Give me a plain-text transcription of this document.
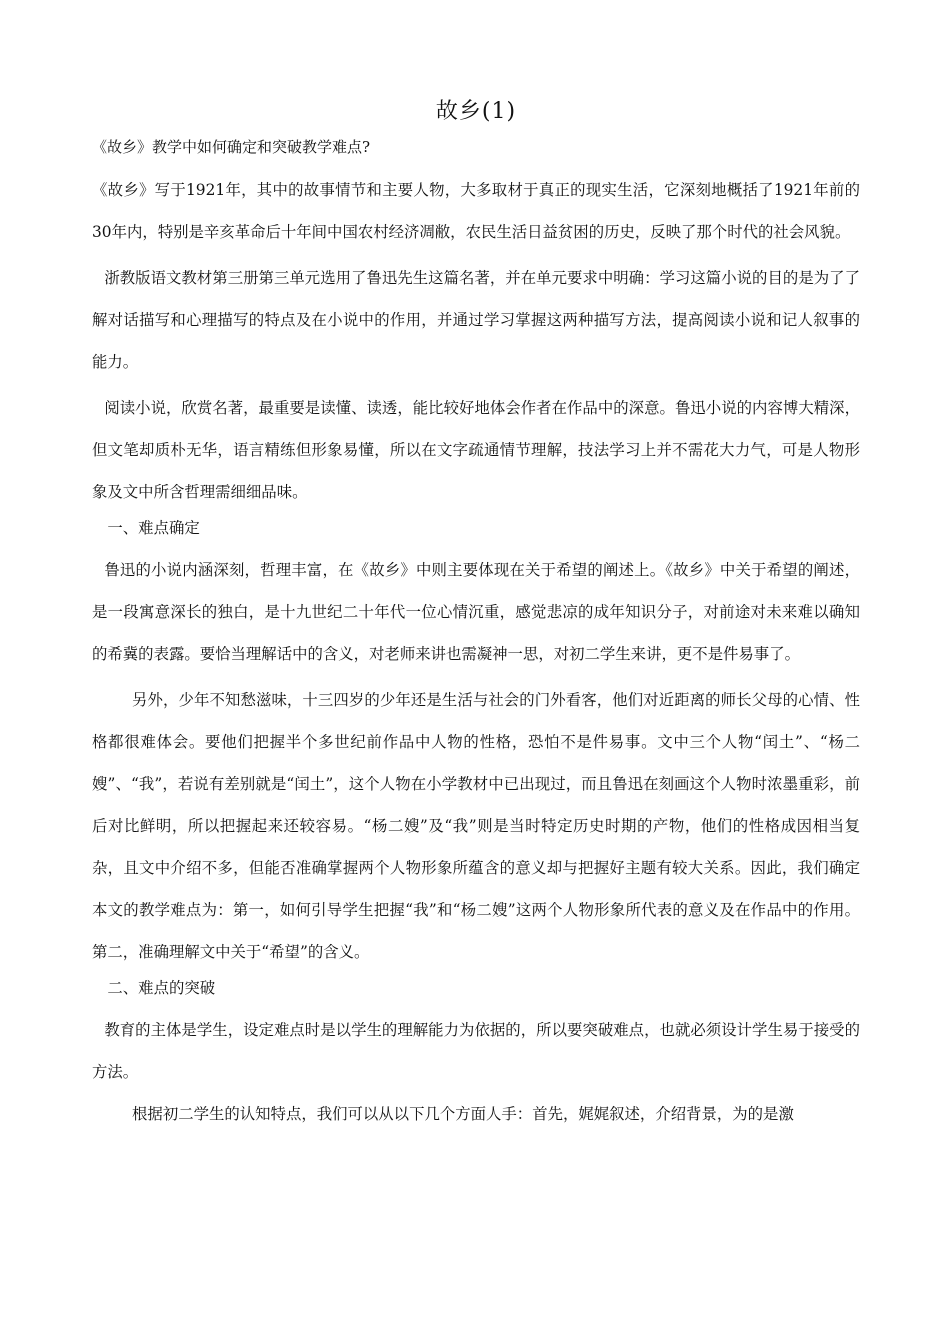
故乡(1)

《故乡》教学中如何确定和突破教学难点?

《故乡》写于1921年，其中的故事情节和主要人物，大多取材于真正的现实生活，它深刻地概括了1921年前的30年内，特别是辛亥革命后十年间中国农村经济凋敝，农民生活日益贫困的历史，反映了那个时代的社会风貌。

浙教版语文教材第三册第三单元选用了鲁迅先生这篇名著，并在单元要求中明确：学习这篇小说的目的是为了了解对话描写和心理描写的特点及在小说中的作用，并通过学习掌握这两种描写方法，提高阅读小说和记人叙事的能力。

阅读小说，欣赏名著，最重要是读懂、读透，能比较好地体会作者在作品中的深意。鲁迅小说的内容博大精深，但文笔却质朴无华，语言精练但形象易懂，所以在文字疏通情节理解，技法学习上并不需花大力气，可是人物形象及文中所含哲理需细细品味。

一、难点确定

鲁迅的小说内涵深刻，哲理丰富，在《故乡》中则主要体现在关于希望的阐述上。《故乡》中关于希望的阐述，是一段寓意深长的独白，是十九世纪二十年代一位心情沉重，感觉悲凉的成年知识分子，对前途对未来难以确知的希冀的表露。要恰当理解话中的含义，对老师来讲也需凝神一思，对初二学生来讲，更不是件易事了。

另外，少年不知愁滋味，十三四岁的少年还是生活与社会的门外看客，他们对近距离的师长父母的心情、性格都很难体会。要他们把握半个多世纪前作品中人物的性格，恐怕不是件易事。文中三个人物“闰土”、“杨二嫂”、“我”，若说有差别就是“闰土”，这个人物在小学教材中已出现过，而且鲁迅在刻画这个人物时浓墨重彩，前后对比鲜明，所以把握起来还较容易。“杨二嫂”及“我”则是当时特定历史时期的产物，他们的性格成因相当复杂，且文中介绍不多，但能否准确掌握两个人物形象所蕴含的意义却与把握好主题有较大关系。因此，我们确定本文的教学难点为：第一，如何引导学生把握“我”和“杨二嫂”这两个人物形象所代表的意义及在作品中的作用。第二，准确理解文中关于“希望”的含义。

二、难点的突破

教育的主体是学生，设定难点时是以学生的理解能力为依据的，所以要突破难点，也就必须设计学生易于接受的方法。

根据初二学生的认知特点，我们可以从以下几个方面人手：首先，娓娓叙述，介绍背景，为的是激
